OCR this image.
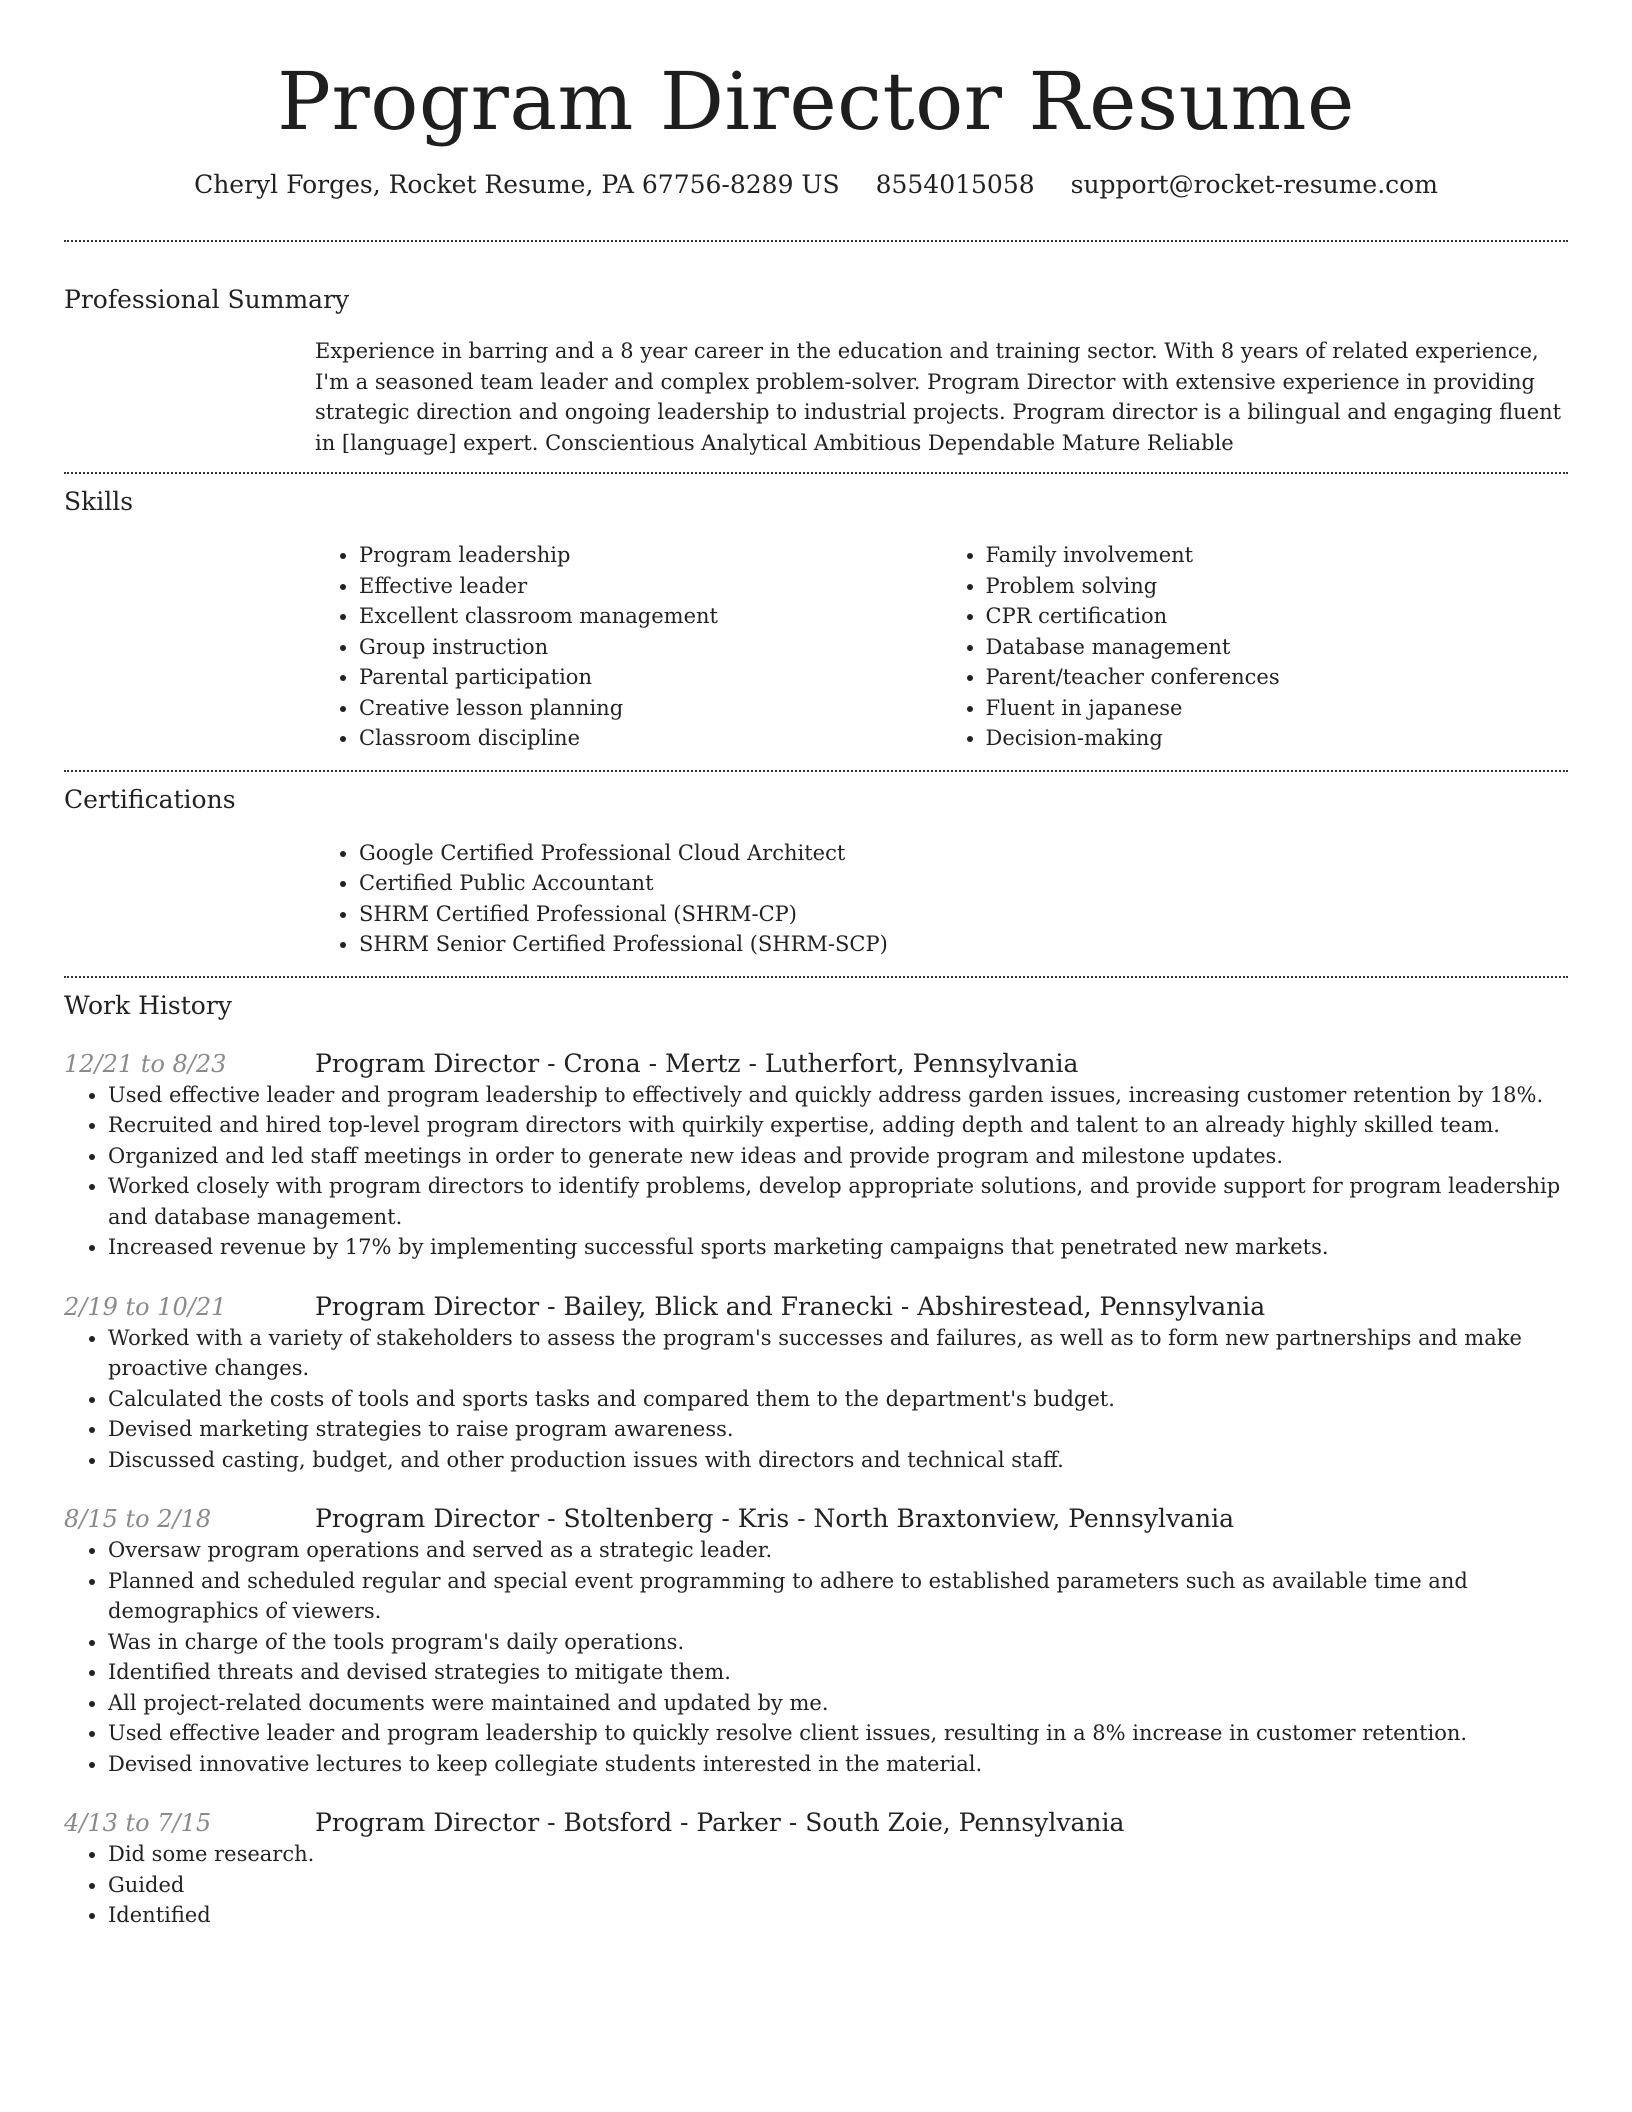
Program Director Resume
Cheryl Forges, Rocket Resume, PA 67756-8289 US 8554015058 support@rocket-resume.com
Professional Summary

Experience in barring and a 8 year career in the education and training sector. With 8 years of related experience, I'm a seasoned team leader and complex problem-solver. Program Director with extensive experience in providing strategic direction and ongoing leadership to industrial projects. Program director is a bilingual and engaging fluent in [language] expert. Conscientious Analytical Ambitious Dependable Mature Reliable

Skills
• Program leadership
• Effective leader
• Excellent classroom management
• Group instruction
• Parental participation
• Creative lesson planning
• Classroom discipline
• Family involvement
• Problem solving
• CPR certification
• Database management
• Parent/teacher conferences
• Fluent in japanese
• Decision-making
Certifications
• Google Certified Professional Cloud Architect
• Certified Public Accountant
• SHRM Certified Professional (SHRM-CP)
• SHRM Senior Certified Professional (SHRM-SCP)
Work History
12/21 to 8/23	Program Director - Crona - Mertz - Lutherfort, Pennsylvania
• Used effective leader and program leadership to effectively and quickly address garden issues, increasing customer retention by 18%.
• Recruited and hired top-level program directors with quirkily expertise, adding depth and talent to an already highly skilled team.
• Organized and led staff meetings in order to generate new ideas and provide program and milestone updates.
• Worked closely with program directors to identify problems, develop appropriate solutions, and provide support for program leadership and database management.
• Increased revenue by 17% by implementing successful sports marketing campaigns that penetrated new markets.
2/19 to 10/21	Program Director - Bailey, Blick and Franecki - Abshirestead, Pennsylvania
• Worked with a variety of stakeholders to assess the program's successes and failures, as well as to form new partnerships and make proactive changes.
• Calculated the costs of tools and sports tasks and compared them to the department's budget.
• Devised marketing strategies to raise program awareness.
• Discussed casting, budget, and other production issues with directors and technical staff.
8/15 to 2/18	Program Director - Stoltenberg - Kris - North Braxtonview, Pennsylvania
• Oversaw program operations and served as a strategic leader.
• Planned and scheduled regular and special event programming to adhere to established parameters such as available time and demographics of viewers.
• Was in charge of the tools program's daily operations.
• Identified threats and devised strategies to mitigate them.
• All project-related documents were maintained and updated by me.
• Used effective leader and program leadership to quickly resolve client issues, resulting in a 8% increase in customer retention.
• Devised innovative lectures to keep collegiate students interested in the material.
4/13 to 7/15	Program Director - Botsford - Parker - South Zoie, Pennsylvania
• Did some research.
• Guided
• Identified
